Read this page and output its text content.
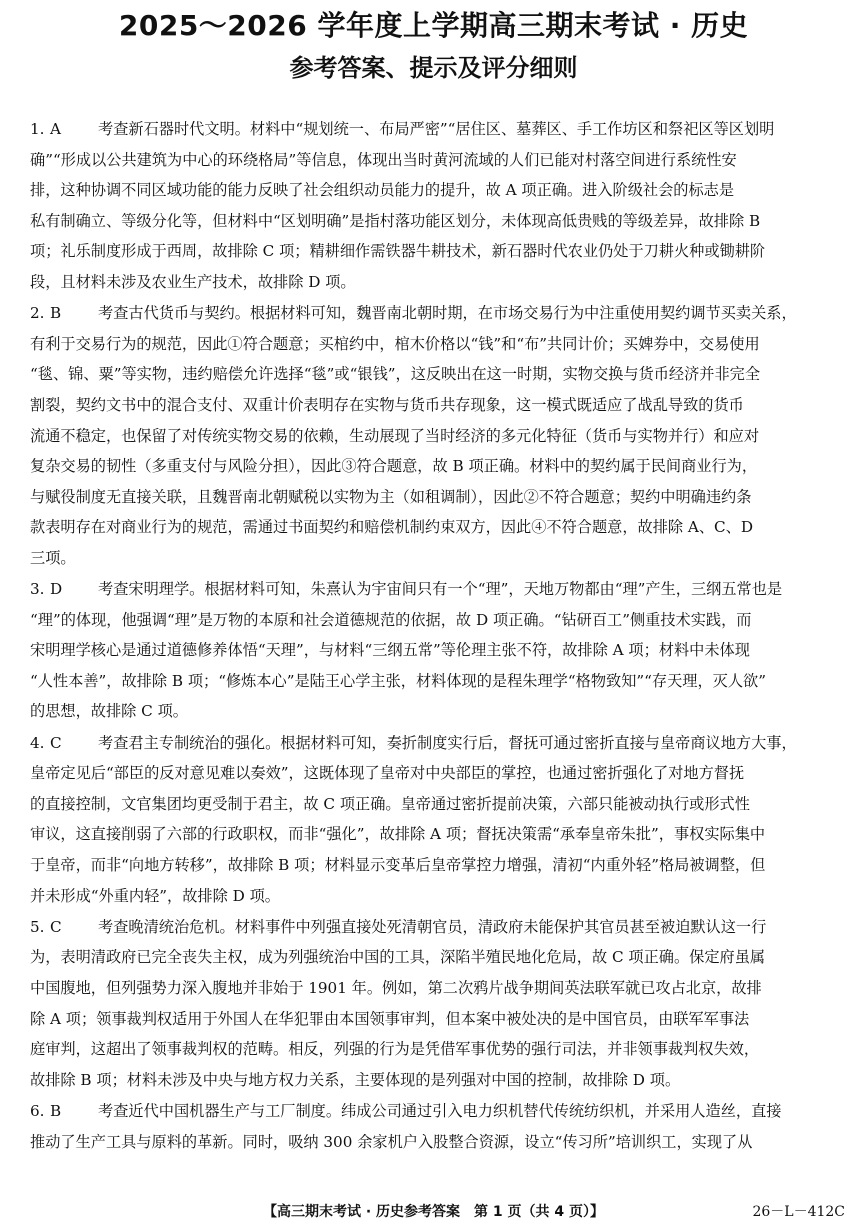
2025～2026 学年度上学期高三期末考试 · 历史
参考答案、提示及评分细则
1. A 考查新石器时代文明。材料中“规划统一、布局严密”“居住区、墓葬区、手工作坊区和祭祀区等区划明
确”“形成以公共建筑为中心的环绕格局”等信息，体现出当时黄河流域的人们已能对村落空间进行系统性安
排，这种协调不同区域功能的能力反映了社会组织动员能力的提升，故 A 项正确。进入阶级社会的标志是
私有制确立、等级分化等，但材料中“区划明确”是指村落功能区划分，未体现高低贵贱的等级差异，故排除 B
项；礼乐制度形成于西周，故排除 C 项；精耕细作需铁器牛耕技术，新石器时代农业仍处于刀耕火种或锄耕阶
段，且材料未涉及农业生产技术，故排除 D 项。
2. B 考查古代货币与契约。根据材料可知，魏晋南北朝时期，在市场交易行为中注重使用契约调节买卖关系，
有利于交易行为的规范，因此①符合题意；买棺约中，棺木价格以“钱”和“布”共同计价；买婢券中，交易使用
“毯、锦、粟”等实物，违约赔偿允许选择“毯”或“银钱”，这反映出在这一时期，实物交换与货币经济并非完全
割裂，契约文书中的混合支付、双重计价表明存在实物与货币共存现象，这一模式既适应了战乱导致的货币
流通不稳定，也保留了对传统实物交易的依赖，生动展现了当时经济的多元化特征（货币与实物并行）和应对
复杂交易的韧性（多重支付与风险分担），因此③符合题意，故 B 项正确。材料中的契约属于民间商业行为，
与赋役制度无直接关联，且魏晋南北朝赋税以实物为主（如租调制），因此②不符合题意；契约中明确违约条
款表明存在对商业行为的规范，需通过书面契约和赔偿机制约束双方，因此④不符合题意，故排除 A、C、D
三项。
3. D 考查宋明理学。根据材料可知，朱熹认为宇宙间只有一个“理”，天地万物都由“理”产生，三纲五常也是
“理”的体现，他强调“理”是万物的本原和社会道德规范的依据，故 D 项正确。“钻研百工”侧重技术实践，而
宋明理学核心是通过道德修养体悟“天理”，与材料“三纲五常”等伦理主张不符，故排除 A 项；材料中未体现
“人性本善”，故排除 B 项；“修炼本心”是陆王心学主张，材料体现的是程朱理学“格物致知”“存天理，灭人欲”
的思想，故排除 C 项。
4. C 考查君主专制统治的强化。根据材料可知，奏折制度实行后，督抚可通过密折直接与皇帝商议地方大事，
皇帝定见后“部臣的反对意见难以奏效”，这既体现了皇帝对中央部臣的掌控，也通过密折强化了对地方督抚
的直接控制，文官集团均更受制于君主，故 C 项正确。皇帝通过密折提前决策，六部只能被动执行或形式性
审议，这直接削弱了六部的行政职权，而非“强化”，故排除 A 项；督抚决策需“承奉皇帝朱批”，事权实际集中
于皇帝，而非“向地方转移”，故排除 B 项；材料显示变革后皇帝掌控力增强，清初“内重外轻”格局被调整，但
并未形成“外重内轻”，故排除 D 项。
5. C 考查晚清统治危机。材料事件中列强直接处死清朝官员，清政府未能保护其官员甚至被迫默认这一行
为，表明清政府已完全丧失主权，成为列强统治中国的工具，深陷半殖民地化危局，故 C 项正确。保定府虽属
中国腹地，但列强势力深入腹地并非始于 1901 年。例如，第二次鸦片战争期间英法联军就已攻占北京，故排
除 A 项；领事裁判权适用于外国人在华犯罪由本国领事审判，但本案中被处决的是中国官员，由联军军事法
庭审判，这超出了领事裁判权的范畴。相反，列强的行为是凭借军事优势的强行司法，并非领事裁判权失效，
故排除 B 项；材料未涉及中央与地方权力关系，主要体现的是列强对中国的控制，故排除 D 项。
6. B 考查近代中国机器生产与工厂制度。纬成公司通过引入电力织机替代传统纺织机，并采用人造丝，直接
推动了生产工具与原料的革新。同时，吸纳 300 余家机户入股整合资源，设立“传习所”培训织工，实现了从
【高三期末考试 · 历史参考答案　第 1 页（共 4 页）】	26－L－412C
